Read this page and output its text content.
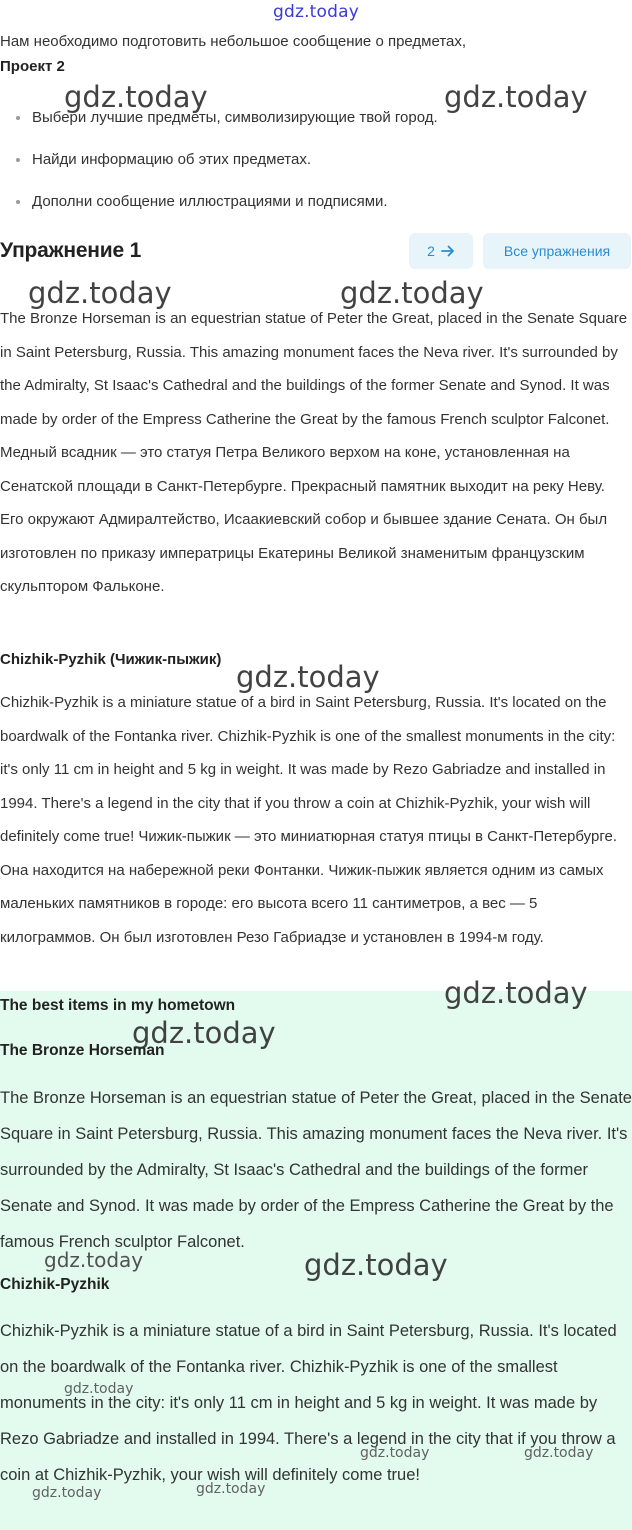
gdz.today
Нам необходимо подготовить небольшое сообщение о предметах,
Проект 2
Выбери лучшие предметы, символизирующие твой город.
Найди информацию об этих предметах.
Дополни сообщение иллюстрациями и подписями.
Упражнение 1	2	Все упражнения

The Bronze Horseman is an equestrian statue of Peter the Great, placed in the Senate Square in Saint Petersburg, Russia. This amazing monument faces the Neva river. It's surrounded by the Admiralty, St Isaac's Cathedral and the buildings of the former Senate and Synod. It was made by order of the Empress Catherine the Great by the famous French sculptor Falconet. Медный всадник — это статуя Петра Великого верхом на коне, установленная на Сенатской площади в Санкт-Петербурге. Прекрасный памятник выходит на реку Неву. Его окружают Адмиралтейство, Исаакиевский собор и бывшее здание Сената. Он был изготовлен по приказу императрицы Екатерины Великой знаменитым французским скульптором Фальконе.

Chizhik-Pyzhik (Чижик-пыжик)

Chizhik-Pyzhik is a miniature statue of a bird in Saint Petersburg, Russia. It's located on the boardwalk of the Fontanka river. Chizhik-Pyzhik is one of the smallest monuments in the city: it's only 11 cm in height and 5 kg in weight. It was made by Rezo Gabriadze and installed in 1994. There's a legend in the city that if you throw a coin at Chizhik-Pyzhik, your wish will definitely come true! Чижик-пыжик — это миниатюрная статуя птицы в Санкт-Петербурге. Она находится на набережной реки Фонтанки. Чижик-пыжик является одним из самых маленьких памятников в городе: его высота всего 11 сантиметров, а вес — 5 килограммов. Он был изготовлен Резо Габриадзе и установлен в 1994-м году.

The best items in my hometown
The Bronze Horseman

The Bronze Horseman is an equestrian statue of Peter the Great, placed in the Senate Square in Saint Petersburg, Russia. This amazing monument faces the Neva river. It's surrounded by the Admiralty, St Isaac's Cathedral and the buildings of the former Senate and Synod. It was made by order of the Empress Catherine the Great by the famous French sculptor Falconet.

Chizhik-Pyzhik

Chizhik-Pyzhik is a miniature statue of a bird in Saint Petersburg, Russia. It's located on the boardwalk of the Fontanka river. Chizhik-Pyzhik is one of the smallest monuments in the city: it's only 11 cm in height and 5 kg in weight. It was made by Rezo Gabriadze and installed in 1994. There's a legend in the city that if you throw a coin at Chizhik-Pyzhik, your wish will definitely come true!

gdz.today	gdz.today
gdz.today	gdz.today
gdz.today
gdz.today
gdz.today
gdz.today
gdz.today
gdz.today
gdz.today	gdz.today
gdz.today	gdz.today
